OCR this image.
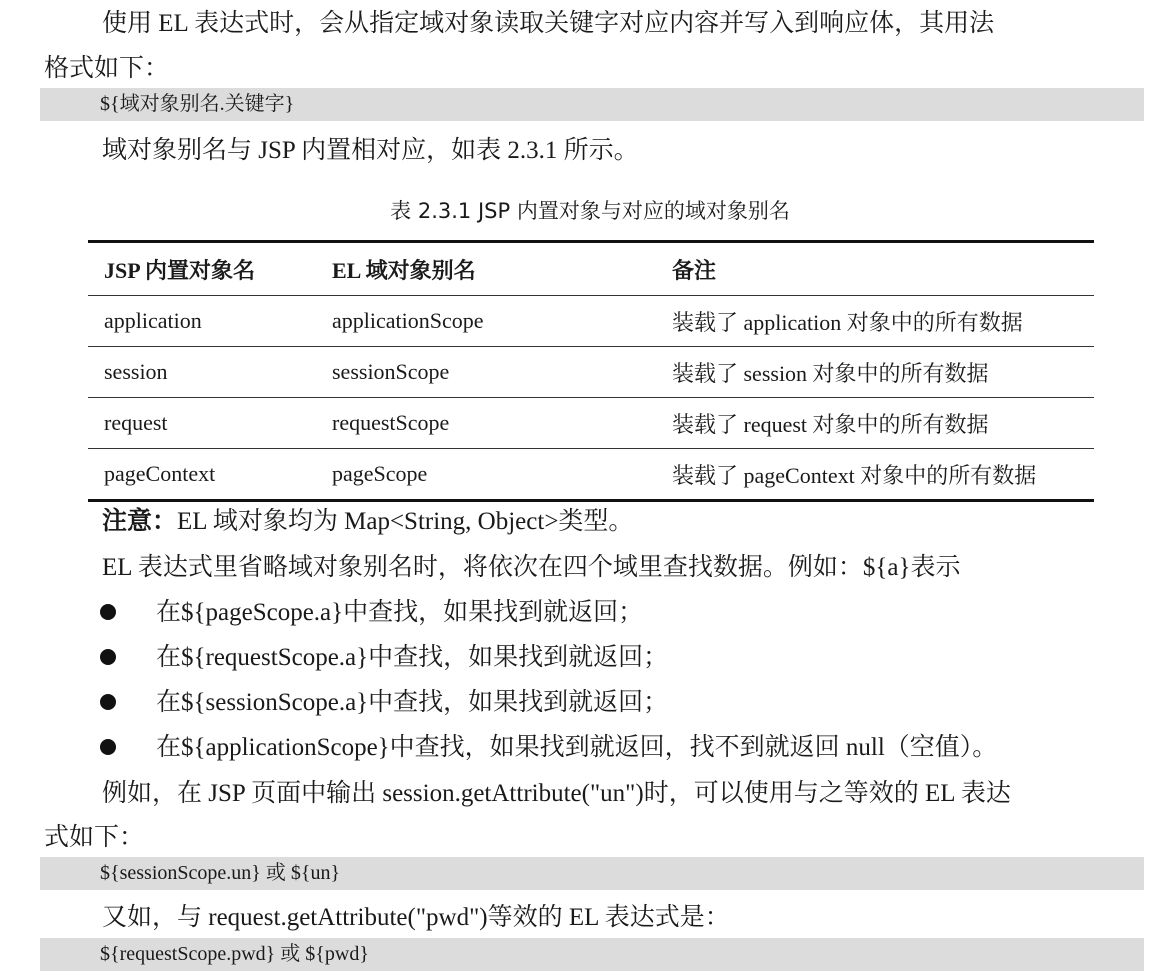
使用 EL 表达式时，会从指定域对象读取关键字对应内容并写入到响应体，其用法

格式如下：

${域对象别名.关键字}

域对象别名与 JSP 内置相对应，如表 2.3.1 所示。

表 2.3.1 JSP 内置对象与对应的域对象别名
JSP 内置对象名	EL 域对象别名	备注
application	applicationScope	装载了 application 对象中的所有数据
session	sessionScope	装载了 session 对象中的所有数据
request	requestScope	装载了 request 对象中的所有数据
pageContext	pageScope	装载了 pageContext 对象中的所有数据

注意：EL 域对象均为 Map<String, Object>类型。

EL 表达式里省略域对象别名时，将依次在四个域里查找数据。例如：${a}表示

在${pageScope.a}中查找，如果找到就返回；
在${requestScope.a}中查找，如果找到就返回；
在${sessionScope.a}中查找，如果找到就返回；
在${applicationScope}中查找，如果找到就返回，找不到就返回 null（空值）。

例如，在 JSP 页面中输出 session.getAttribute("un")时，可以使用与之等效的 EL 表达

式如下：

${sessionScope.un} 或 ${un}

又如，与 request.getAttribute("pwd")等效的 EL 表达式是：

${requestScope.pwd} 或 ${pwd}
